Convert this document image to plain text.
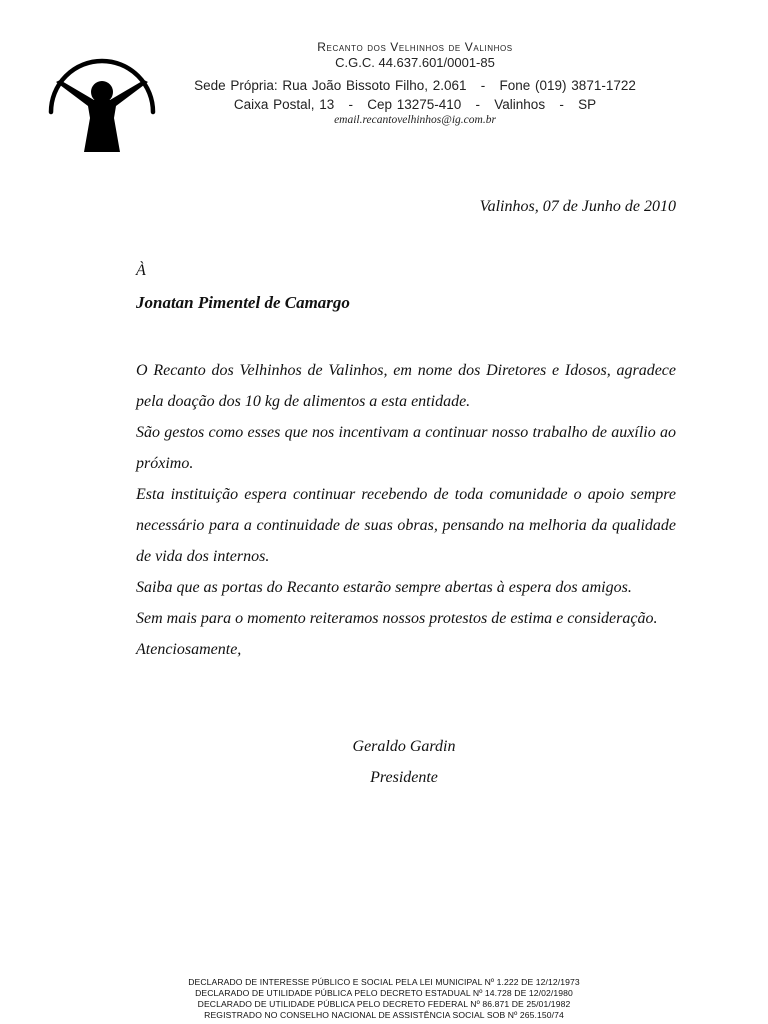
Recanto dos Velhinhos de Valinhos
C.G.C. 44.637.601/0001-85
Sede Própria: Rua João Bissoto Filho, 2.061   -   Fone (019) 3871-1722
Caixa Postal, 13   -   Cep 13275-410   -   Valinhos   -   SP
email.recantovelhinhos@ig.com.br
Valinhos, 07 de Junho de 2010
À
Jonatan Pimentel de Camargo

O Recanto dos Velhinhos de Valinhos, em nome dos Diretores e Idosos, agradece pela doação dos 10 kg de alimentos a esta entidade.

São gestos como esses que nos incentivam a continuar nosso trabalho de auxílio ao próximo.

Esta instituição espera continuar recebendo de toda comunidade o apoio sempre necessário para a continuidade de suas obras, pensando na melhoria da qualidade de vida dos internos.

Saiba que as portas do Recanto estarão sempre abertas à espera dos amigos.

Sem mais para o momento reiteramos nossos protestos de estima e consideração.

Atenciosamente,

Geraldo Gardin
Presidente
DECLARADO DE INTERESSE PÚBLICO E SOCIAL PELA LEI MUNICIPAL Nº 1.222 DE 12/12/1973
DECLARADO DE UTILIDADE PÚBLICA PELO DECRETO ESTADUAL Nº 14.728 DE 12/02/1980
DECLARADO DE UTILIDADE PÚBLICA PELO DECRETO FEDERAL Nº 86.871 DE 25/01/1982
REGISTRADO NO CONSELHO NACIONAL DE ASSISTÊNCIA SOCIAL SOB Nº 265.150/74
